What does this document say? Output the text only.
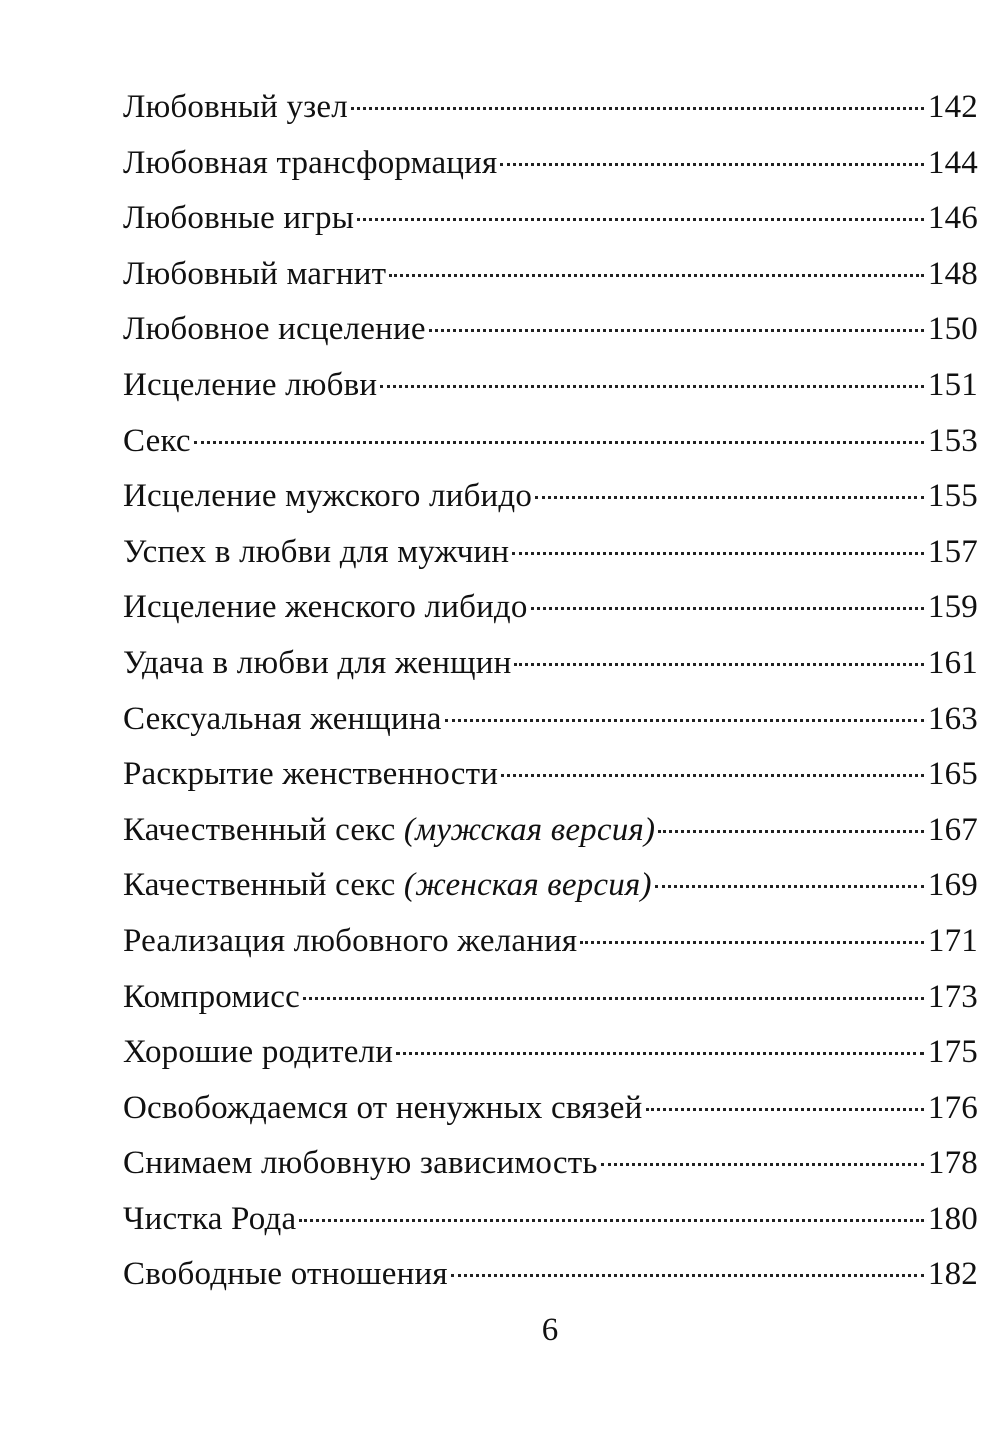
Любовный узел	142
Любовная трансформация	144
Любовные игры	146
Любовный магнит	148
Любовное исцеление	150
Исцеление любви	151
Секс	153
Исцеление мужского либидо	155
Успех в любви для мужчин	157
Исцеление женского либидо	159
Удача в любви для женщин	161
Сексуальная женщина	163
Раскрытие женственности	165
Качественный секс (мужская версия)	167
Качественный секс (женская версия)	169
Реализация любовного желания	171
Компромисс	173
Хорошие родители	175
Освобождаемся от ненужных связей	176
Снимаем любовную зависимость	178
Чистка Рода	180
Свободные отношения	182
6
